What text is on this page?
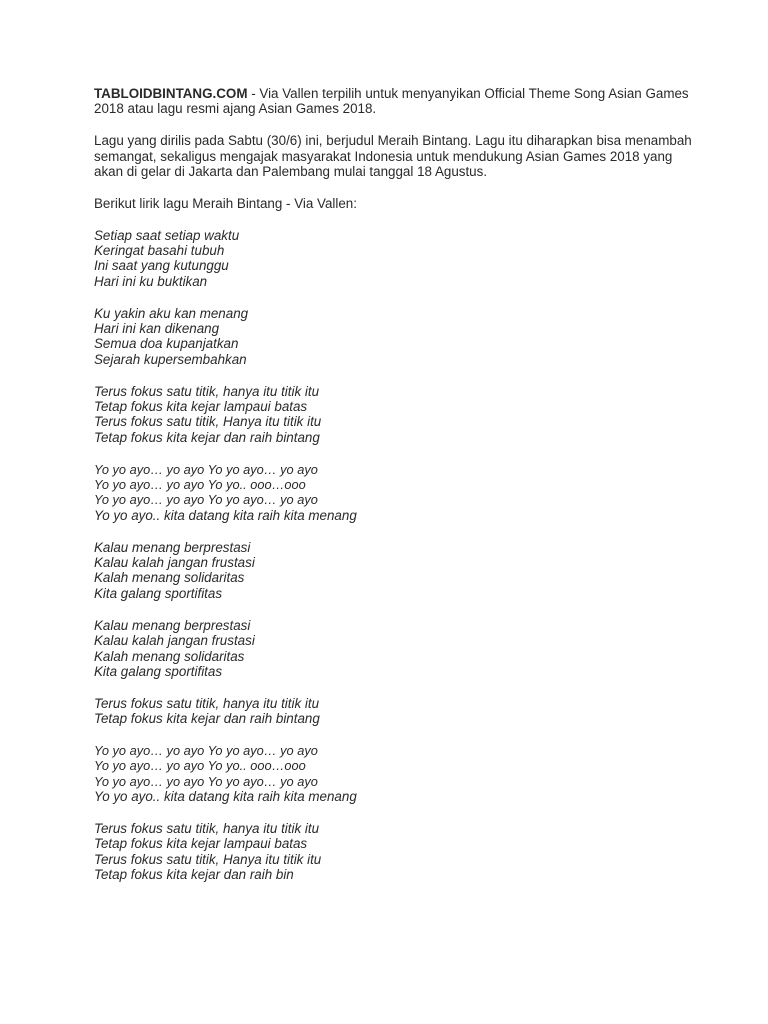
TABLOIDBINTANG.COM - Via Vallen terpilih untuk menyanyikan Official Theme Song Asian Games 2018 atau lagu resmi ajang Asian Games 2018.

Lagu yang dirilis pada Sabtu (30/6) ini, berjudul Meraih Bintang. Lagu itu diharapkan bisa menambah semangat, sekaligus mengajak masyarakat Indonesia untuk mendukung Asian Games 2018 yang akan di gelar di Jakarta dan Palembang mulai tanggal 18 Agustus.

Berikut lirik lagu Meraih Bintang - Via Vallen:

Setiap saat setiap waktu
Keringat basahi tubuh
Ini saat yang kutunggu
Hari ini ku buktikan
Ku yakin aku kan menang
Hari ini kan dikenang
Semua doa kupanjatkan
Sejarah kupersembahkan
Terus fokus satu titik, hanya itu titik itu
Tetap fokus kita kejar lampaui batas
Terus fokus satu titik, Hanya itu titik itu
Tetap fokus kita kejar dan raih bintang
Yo yo ayo… yo ayo Yo yo ayo… yo ayo
Yo yo ayo… yo ayo Yo yo.. ooo…ooo
Yo yo ayo… yo ayo Yo yo ayo… yo ayo
Yo yo ayo.. kita datang kita raih kita menang
Kalau menang berprestasi
Kalau kalah jangan frustasi
Kalah menang solidaritas
Kita galang sportifitas
Kalau menang berprestasi
Kalau kalah jangan frustasi
Kalah menang solidaritas
Kita galang sportifitas
Terus fokus satu titik, hanya itu titik itu
Tetap fokus kita kejar dan raih bintang
Yo yo ayo… yo ayo Yo yo ayo… yo ayo
Yo yo ayo… yo ayo Yo yo.. ooo…ooo
Yo yo ayo… yo ayo Yo yo ayo… yo ayo
Yo yo ayo.. kita datang kita raih kita menang
Terus fokus satu titik, hanya itu titik itu
Tetap fokus kita kejar lampaui batas
Terus fokus satu titik, Hanya itu titik itu
Tetap fokus kita kejar dan raih bin
